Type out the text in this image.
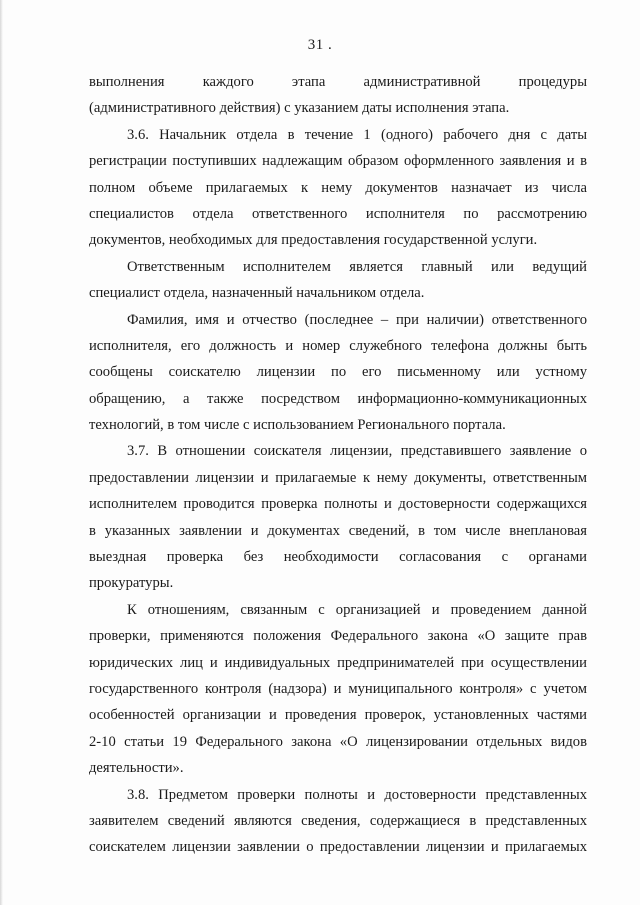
31 .
выполнения каждого этапа административной процедуры
(административного действия) с указанием даты исполнения этапа.
3.6. Начальник отдела в течение 1 (одного) рабочего дня с даты
регистрации поступивших надлежащим образом оформленного заявления и в
полном объеме прилагаемых к нему документов назначает из числа
специалистов отдела ответственного исполнителя по рассмотрению
документов, необходимых для предоставления государственной услуги.
Ответственным исполнителем является главный или ведущий
специалист отдела, назначенный начальником отдела.
Фамилия, имя и отчество (последнее – при наличии) ответственного
исполнителя, его должность и номер служебного телефона должны быть
сообщены соискателю лицензии по его письменному или устному
обращению, а также посредством информационно-коммуникационных
технологий, в том числе с использованием Регионального портала.
3.7. В отношении соискателя лицензии, представившего заявление о
предоставлении лицензии и прилагаемые к нему документы, ответственным
исполнителем проводится проверка полноты и достоверности содержащихся
в указанных заявлении и документах сведений, в том числе внеплановая
выездная проверка без необходимости согласования с органами
прокуратуры.
К отношениям, связанным с организацией и проведением данной
проверки, применяются положения Федерального закона «О защите прав
юридических лиц и индивидуальных предпринимателей при осуществлении
государственного контроля (надзора) и муниципального контроля» с учетом
особенностей организации и проведения проверок, установленных частями
2-10 статьи 19 Федерального закона «О лицензировании отдельных видов
деятельности».
3.8. Предметом проверки полноты и достоверности представленных
заявителем сведений являются сведения, содержащиеся в представленных
соискателем лицензии заявлении о предоставлении лицензии и прилагаемых
